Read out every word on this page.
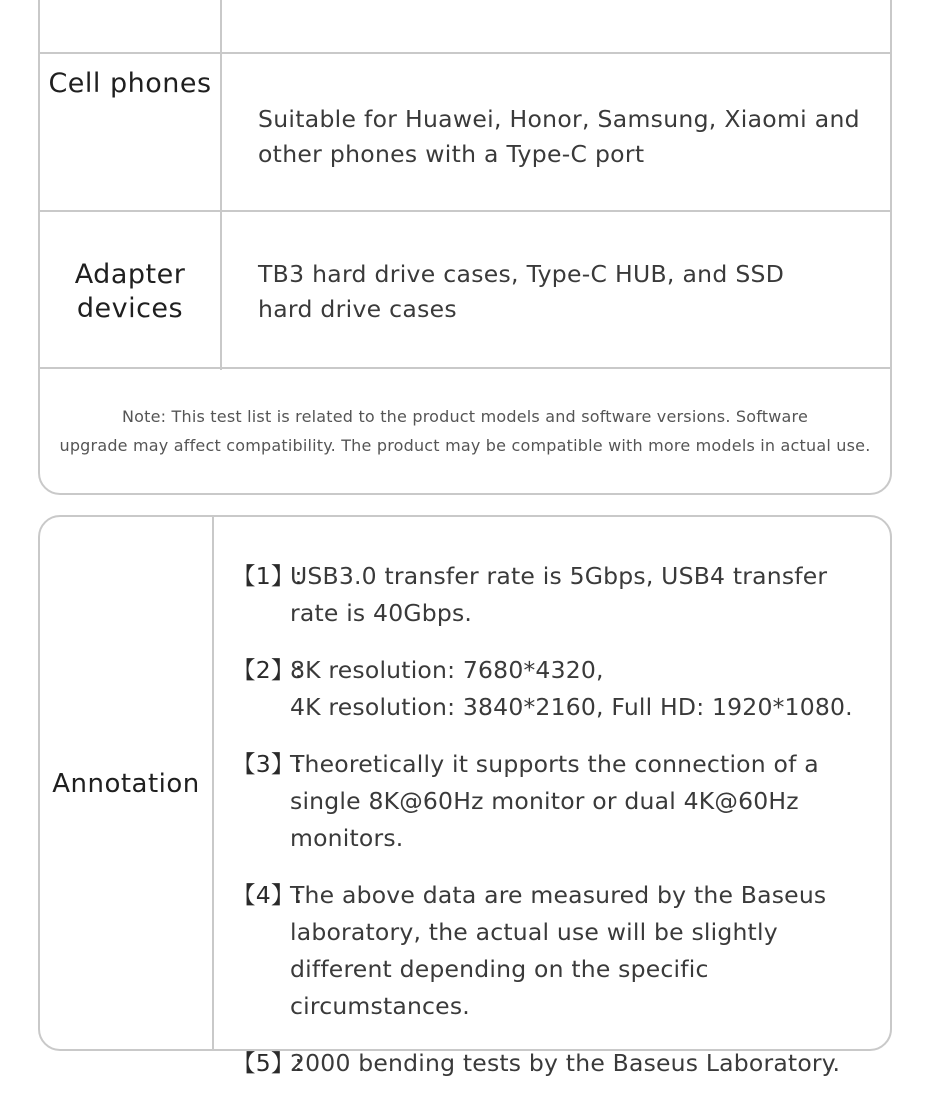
Cell phones
Suitable for Huawei, Honor, Samsung, Xiaomi and other phones with a Type-C port
Adapter
devices
TB3 hard drive cases, Type-C HUB, and SSD hard drive cases
Note: This test list is related to the product models and software versions. Software
upgrade may affect compatibility. The product may be compatible with more models in actual use.
Annotation
【1】:
USB3.0 transfer rate is 5Gbps, USB4 transfer rate is 40Gbps.
【2】:
8K resolution: 7680*4320,
4K resolution: 3840*2160, Full HD: 1920*1080.
【3】:
Theoretically it supports the connection of a single 8K@60Hz monitor or dual 4K@60Hz monitors.
【4】:
The above data are measured by the Baseus laboratory, the actual use will be slightly different depending on the specific circumstances.
【5】:
2000 bending tests by the Baseus Laboratory.
